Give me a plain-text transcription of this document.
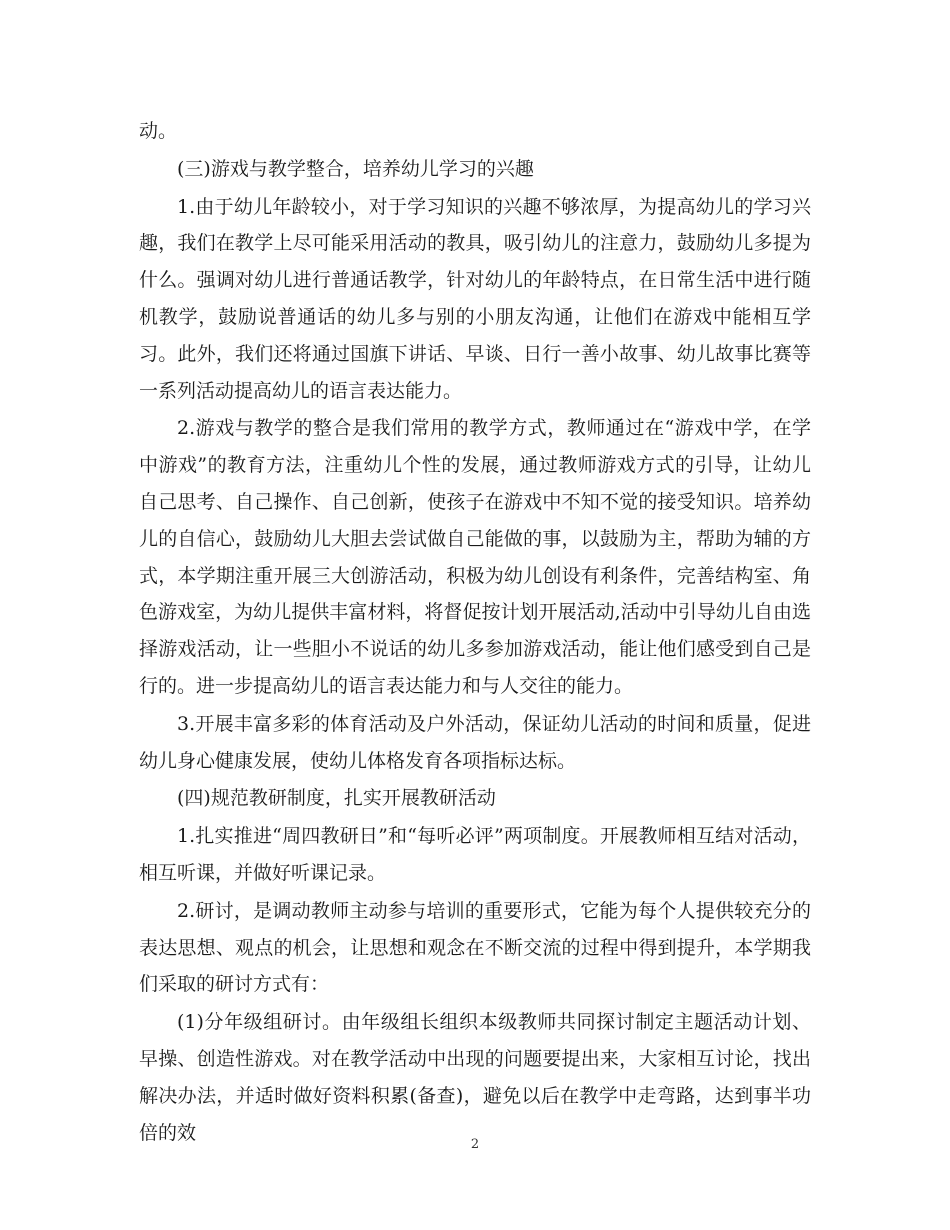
动。

(三)游戏与教学整合，培养幼儿学习的兴趣

1.由于幼儿年龄较小，对于学习知识的兴趣不够浓厚，为提高幼儿的学习兴趣，我们在教学上尽可能采用活动的教具，吸引幼儿的注意力，鼓励幼儿多提为什么。强调对幼儿进行普通话教学，针对幼儿的年龄特点，在日常生活中进行随机教学，鼓励说普通话的幼儿多与别的小朋友沟通，让他们在游戏中能相互学习。此外，我们还将通过国旗下讲话、早谈、日行一善小故事、幼儿故事比赛等一系列活动提高幼儿的语言表达能力。

2.游戏与教学的整合是我们常用的教学方式，教师通过在“游戏中学，在学中游戏”的教育方法，注重幼儿个性的发展，通过教师游戏方式的引导，让幼儿自己思考、自己操作、自己创新，使孩子在游戏中不知不觉的接受知识。培养幼儿的自信心，鼓励幼儿大胆去尝试做自己能做的事，以鼓励为主，帮助为辅的方式，本学期注重开展三大创游活动，积极为幼儿创设有利条件，完善结构室、角色游戏室，为幼儿提供丰富材料，将督促按计划开展活动,活动中引导幼儿自由选择游戏活动，让一些胆小不说话的幼儿多参加游戏活动，能让他们感受到自己是行的。进一步提高幼儿的语言表达能力和与人交往的能力。

3.开展丰富多彩的体育活动及户外活动，保证幼儿活动的时间和质量，促进幼儿身心健康发展，使幼儿体格发育各项指标达标。

(四)规范教研制度，扎实开展教研活动

1.扎实推进“周四教研日”和“每听必评”两项制度。开展教师相互结对活动，相互听课，并做好听课记录。

2.研讨，是调动教师主动参与培训的重要形式，它能为每个人提供较充分的表达思想、观点的机会，让思想和观念在不断交流的过程中得到提升，本学期我们采取的研讨方式有：

(1)分年级组研讨。由年级组长组织本级教师共同探讨制定主题活动计划、早操、创造性游戏。对在教学活动中出现的问题要提出来，大家相互讨论，找出解决办法，并适时做好资料积累(备查)，避免以后在教学中走弯路，达到事半功倍的效

2
